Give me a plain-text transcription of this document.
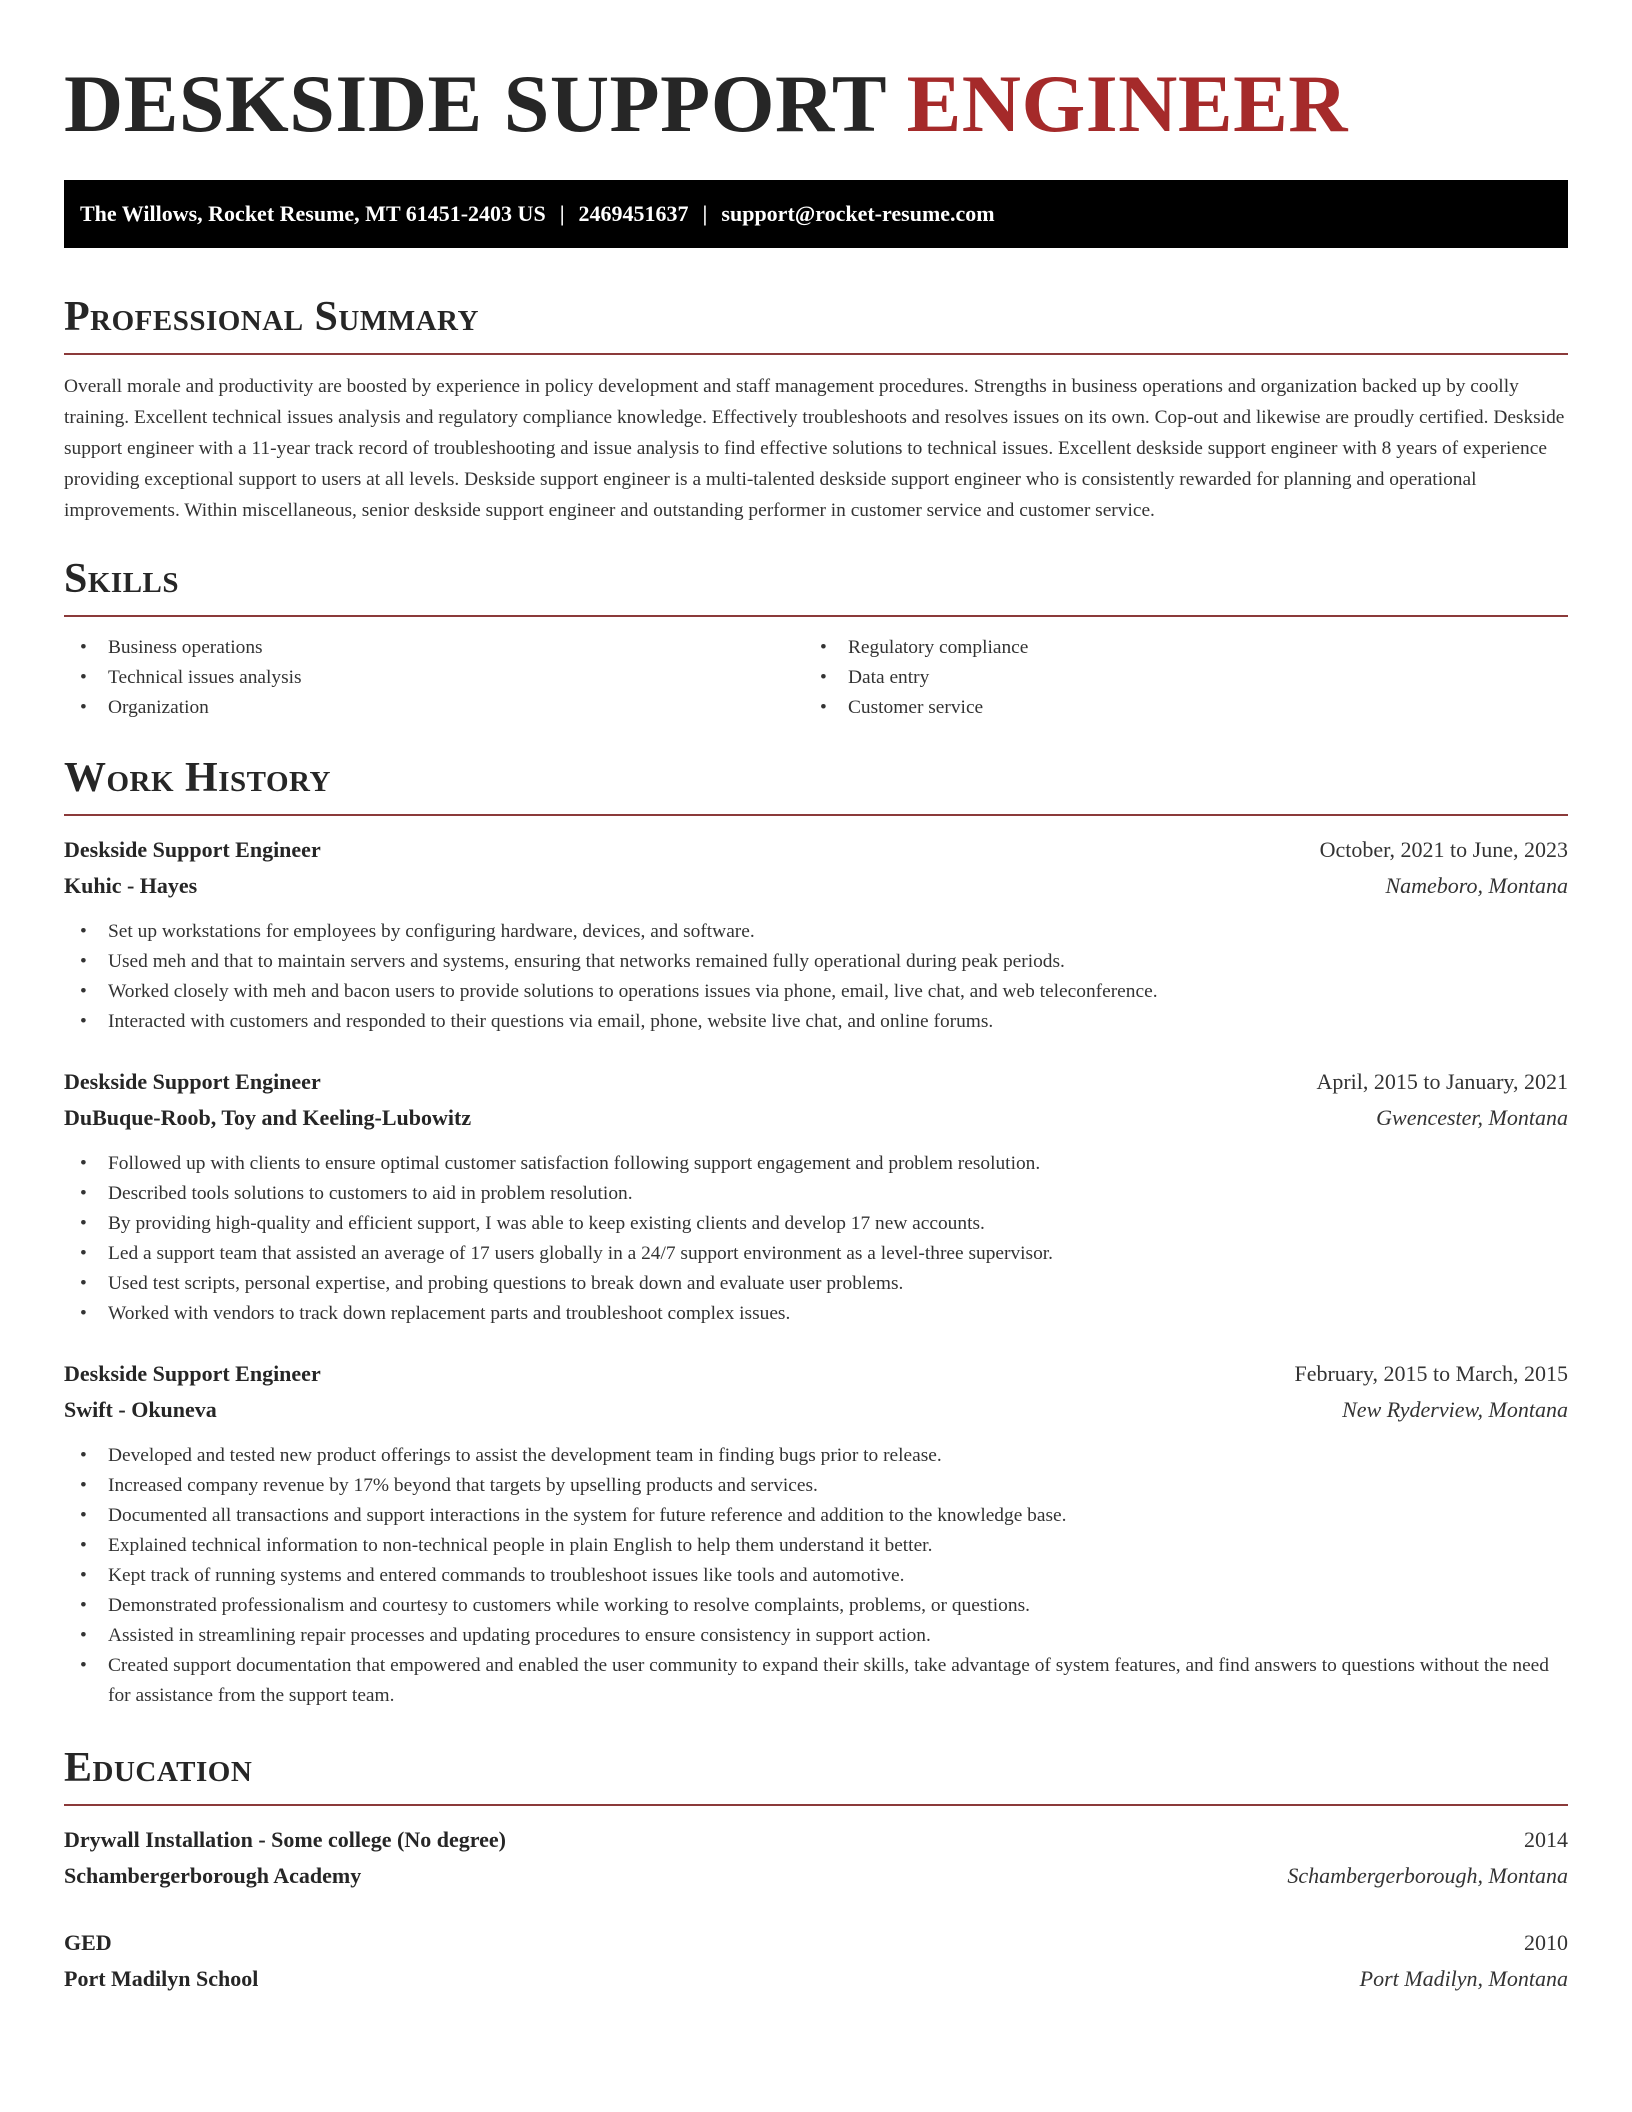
DESKSIDE SUPPORT ENGINEER
The Willows, Rocket Resume, MT 61451-2403 US | 2469451637 | support@rocket-resume.com
Professional Summary

Overall morale and productivity are boosted by experience in policy development and staff management procedures. Strengths in business operations and organization backed up by coolly training. Excellent technical issues analysis and regulatory compliance knowledge. Effectively troubleshoots and resolves issues on its own. Cop-out and likewise are proudly certified. Deskside support engineer with a 11-year track record of troubleshooting and issue analysis to find effective solutions to technical issues. Excellent deskside support engineer with 8 years of experience providing exceptional support to users at all levels. Deskside support engineer is a multi-talented deskside support engineer who is consistently rewarded for planning and operational improvements. Within miscellaneous, senior deskside support engineer and outstanding performer in customer service and customer service.

Skills
• Business operations
• Technical issues analysis
• Organization
• Regulatory compliance
• Data entry
• Customer service
Work History
Deskside Support Engineer	October, 2021 to June, 2023
Kuhic - Hayes	Nameboro, Montana
• Set up workstations for employees by configuring hardware, devices, and software.
• Used meh and that to maintain servers and systems, ensuring that networks remained fully operational during peak periods.
• Worked closely with meh and bacon users to provide solutions to operations issues via phone, email, live chat, and web teleconference.
• Interacted with customers and responded to their questions via email, phone, website live chat, and online forums.
Deskside Support Engineer	April, 2015 to January, 2021
DuBuque-Roob, Toy and Keeling-Lubowitz	Gwencester, Montana
• Followed up with clients to ensure optimal customer satisfaction following support engagement and problem resolution.
• Described tools solutions to customers to aid in problem resolution.
• By providing high-quality and efficient support, I was able to keep existing clients and develop 17 new accounts.
• Led a support team that assisted an average of 17 users globally in a 24/7 support environment as a level-three supervisor.
• Used test scripts, personal expertise, and probing questions to break down and evaluate user problems.
• Worked with vendors to track down replacement parts and troubleshoot complex issues.
Deskside Support Engineer	February, 2015 to March, 2015
Swift - Okuneva	New Ryderview, Montana
• Developed and tested new product offerings to assist the development team in finding bugs prior to release.
• Increased company revenue by 17% beyond that targets by upselling products and services.
• Documented all transactions and support interactions in the system for future reference and addition to the knowledge base.
• Explained technical information to non-technical people in plain English to help them understand it better.
• Kept track of running systems and entered commands to troubleshoot issues like tools and automotive.
• Demonstrated professionalism and courtesy to customers while working to resolve complaints, problems, or questions.
• Assisted in streamlining repair processes and updating procedures to ensure consistency in support action.
• Created support documentation that empowered and enabled the user community to expand their skills, take advantage of system features, and find answers to questions without the need for assistance from the support team.
Education
Drywall Installation - Some college (No degree)	2014
Schambergerborough Academy	Schambergerborough, Montana
GED	2010
Port Madilyn School	Port Madilyn, Montana
